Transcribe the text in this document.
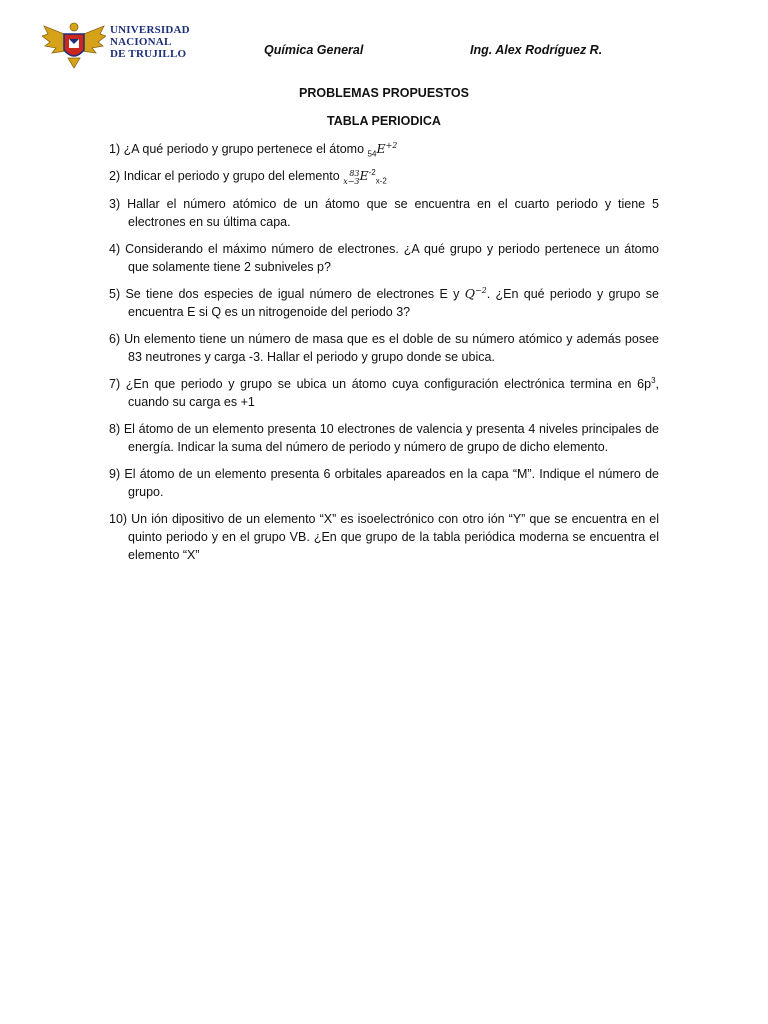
UNIVERSIDAD
NACIONAL
DE TRUJILLO	Química General	Ing. Alex Rodríguez R.
PROBLEMAS PROPUESTOS
TABLA PERIODICA
1) ¿A qué periodo y grupo pertenece el átomo $_{54}E^{+2}$
2) Indicar el periodo y grupo del elemento	83
x−3 $E^{-2}_{x-2}$
3) Hallar el número atómico de un átomo que se encuentra en el cuarto periodo y tiene 5 electrones en su última capa.
4) Considerando el máximo número de electrones. ¿A qué grupo y periodo pertenece un átomo que solamente tiene 2 subniveles p?
5) Se tiene dos especies de igual número de electrones E y $Q^{-2}$. ¿En qué periodo y grupo se encuentra E si Q es un nitrogenoide del periodo 3?
6) Un elemento tiene un número de masa que es el doble de su número atómico y además posee 83 neutrones y carga -3. Hallar el periodo y grupo donde se ubica.
7) ¿En que periodo y grupo se ubica un átomo cuya configuración electrónica termina en $6p^3$, cuando su carga es +1
8) El átomo de un elemento presenta 10 electrones de valencia y presenta 4 niveles principales de energía. Indicar la suma del número de periodo y número de grupo de dicho elemento.
9) El átomo de un elemento presenta 6 orbitales apareados en la capa “M”. Indique el número de grupo.
10) Un ión dipositivo de un elemento “X” es isoelectrónico con otro ión “Y” que se encuentra en el quinto periodo y en el grupo VB. ¿En que grupo de la tabla periódica moderna se encuentra el elemento “X”
